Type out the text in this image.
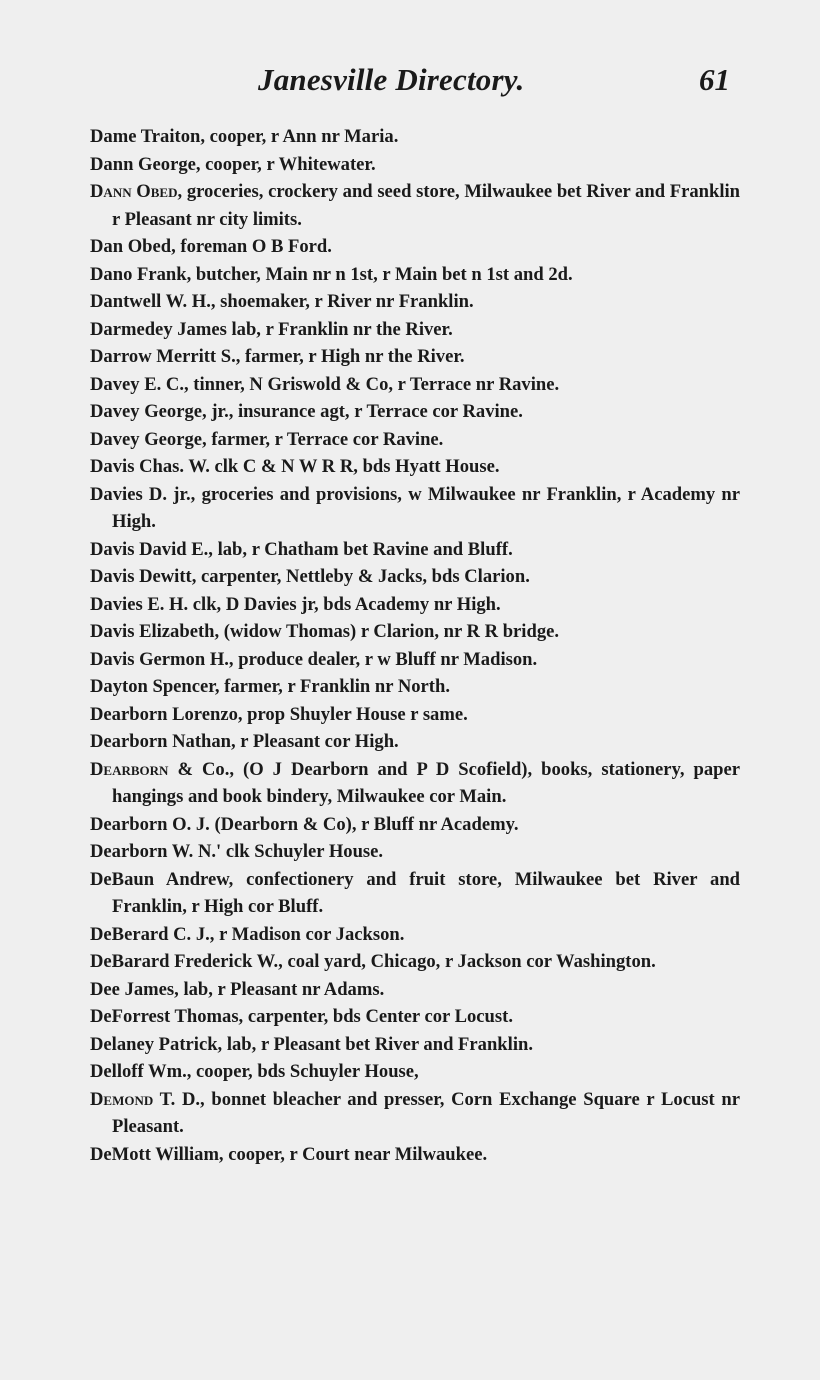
Janesville Directory.	61
Dame Traiton, cooper, r Ann nr Maria.
Dann George, cooper, r Whitewater.
Dann Obed, groceries, crockery and seed store, Milwaukee bet River and Franklin r Pleasant nr city limits.
Dan Obed, foreman O B Ford.
Dano Frank, butcher, Main nr n 1st, r Main bet n 1st and 2d.
Dantwell W. H., shoemaker, r River nr Franklin.
Darmedey James lab, r Franklin nr the River.
Darrow Merritt S., farmer, r High nr the River.
Davey E. C., tinner, N Griswold & Co, r Terrace nr Ravine.
Davey George, jr., insurance agt, r Terrace cor Ravine.
Davey George, farmer, r Terrace cor Ravine.
Davis Chas. W. clk C & N W R R, bds Hyatt House.
Davies D. jr., groceries and provisions, w Milwaukee nr Franklin, r Academy nr High.
Davis David E., lab, r Chatham bet Ravine and Bluff.
Davis Dewitt, carpenter, Nettleby & Jacks, bds Clarion.
Davies E. H. clk, D Davies jr, bds Academy nr High.
Davis Elizabeth, (widow Thomas) r Clarion, nr R R bridge.
Davis Germon H., produce dealer, r w Bluff nr Madison.
Dayton Spencer, farmer, r Franklin nr North.
Dearborn Lorenzo, prop Shuyler House r same.
Dearborn Nathan, r Pleasant cor High.
Dearborn & Co., (O J Dearborn and P D Scofield), books, stationery, paper hangings and book bindery, Milwaukee cor Main.
Dearborn O. J. (Dearborn & Co), r Bluff nr Academy.
Dearborn W. N.' clk Schuyler House.
DeBaun Andrew, confectionery and fruit store, Milwaukee bet River and Franklin, r High cor Bluff.
DeBerard C. J., r Madison cor Jackson.
DeBarard Frederick W., coal yard, Chicago, r Jackson cor Washington.
Dee James, lab, r Pleasant nr Adams.
DeForrest Thomas, carpenter, bds Center cor Locust.
Delaney Patrick, lab, r Pleasant bet River and Franklin.
Delloff Wm., cooper, bds Schuyler House,
Demond T. D., bonnet bleacher and presser, Corn Exchange Square r Locust nr Pleasant.
DeMott William, cooper, r Court near Milwaukee.
